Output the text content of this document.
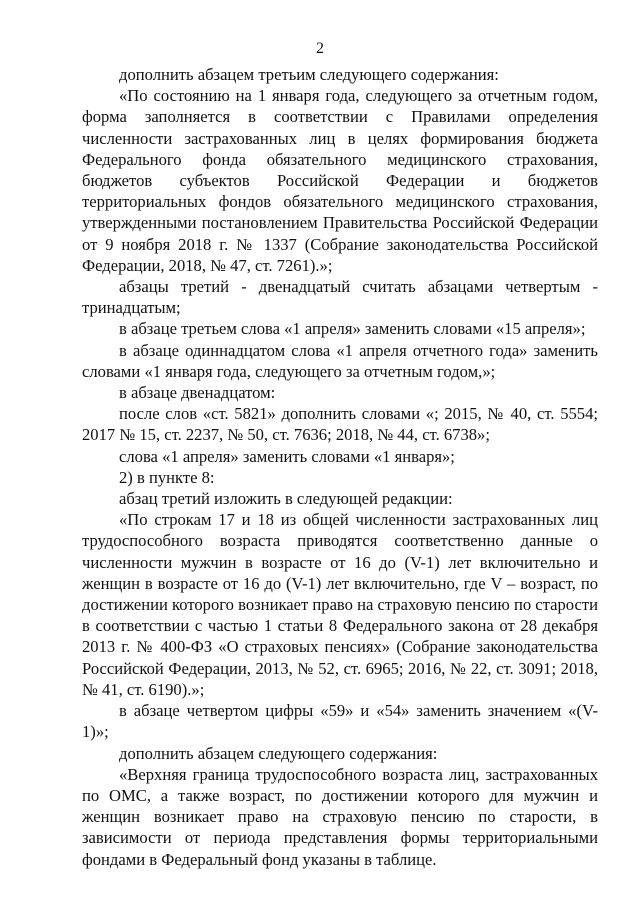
2

дополнить абзацем третьим следующего содержания:

«По состоянию на 1 января года, следующего за отчетным годом, форма заполняется в соответствии с Правилами определения численности застрахованных лиц в целях формирования бюджета Федерального фонда обязательного медицинского страхования, бюджетов субъектов Российской Федерации и бюджетов территориальных фондов обязательного медицинского страхования, утвержденными постановлением Правительства Российской Федерации от 9 ноября 2018 г. № 1337 (Собрание законодательства Российской Федерации, 2018, № 47, ст. 7261).»;

абзацы третий - двенадцатый считать абзацами четвертым - тринадцатым;

в абзаце третьем слова «1 апреля» заменить словами «15 апреля»;

в абзаце одиннадцатом слова «1 апреля отчетного года» заменить словами «1 января года, следующего за отчетным годом,»;

в абзаце двенадцатом:

после слов «ст. 5821» дополнить словами «; 2015, № 40, ст. 5554; 2017 № 15, ст. 2237, № 50, ст. 7636; 2018, № 44, ст. 6738»;

слова «1 апреля» заменить словами «1 января»;

2) в пункте 8:

абзац третий изложить в следующей редакции:

«По строкам 17 и 18 из общей численности застрахованных лиц трудоспособного возраста приводятся соответственно данные о численности мужчин в возрасте от 16 до (V-1) лет включительно и женщин в возрасте от 16 до (V-1) лет включительно, где V – возраст, по достижении которого возникает право на страховую пенсию по старости в соответствии с частью 1 статьи 8 Федерального закона от 28 декабря 2013 г. № 400-ФЗ «О страховых пенсиях» (Собрание законодательства Российской Федерации, 2013, № 52, ст. 6965; 2016, № 22, ст. 3091; 2018, № 41, ст. 6190).»;

в абзаце четвертом цифры «59» и «54» заменить значением «(V-1)»;

дополнить абзацем следующего содержания:

«Верхняя граница трудоспособного возраста лиц, застрахованных по ОМС, а также возраст, по достижении которого для мужчин и женщин возникает право на страховую пенсию по старости, в зависимости от периода представления формы территориальными фондами в Федеральный фонд указаны в таблице.
